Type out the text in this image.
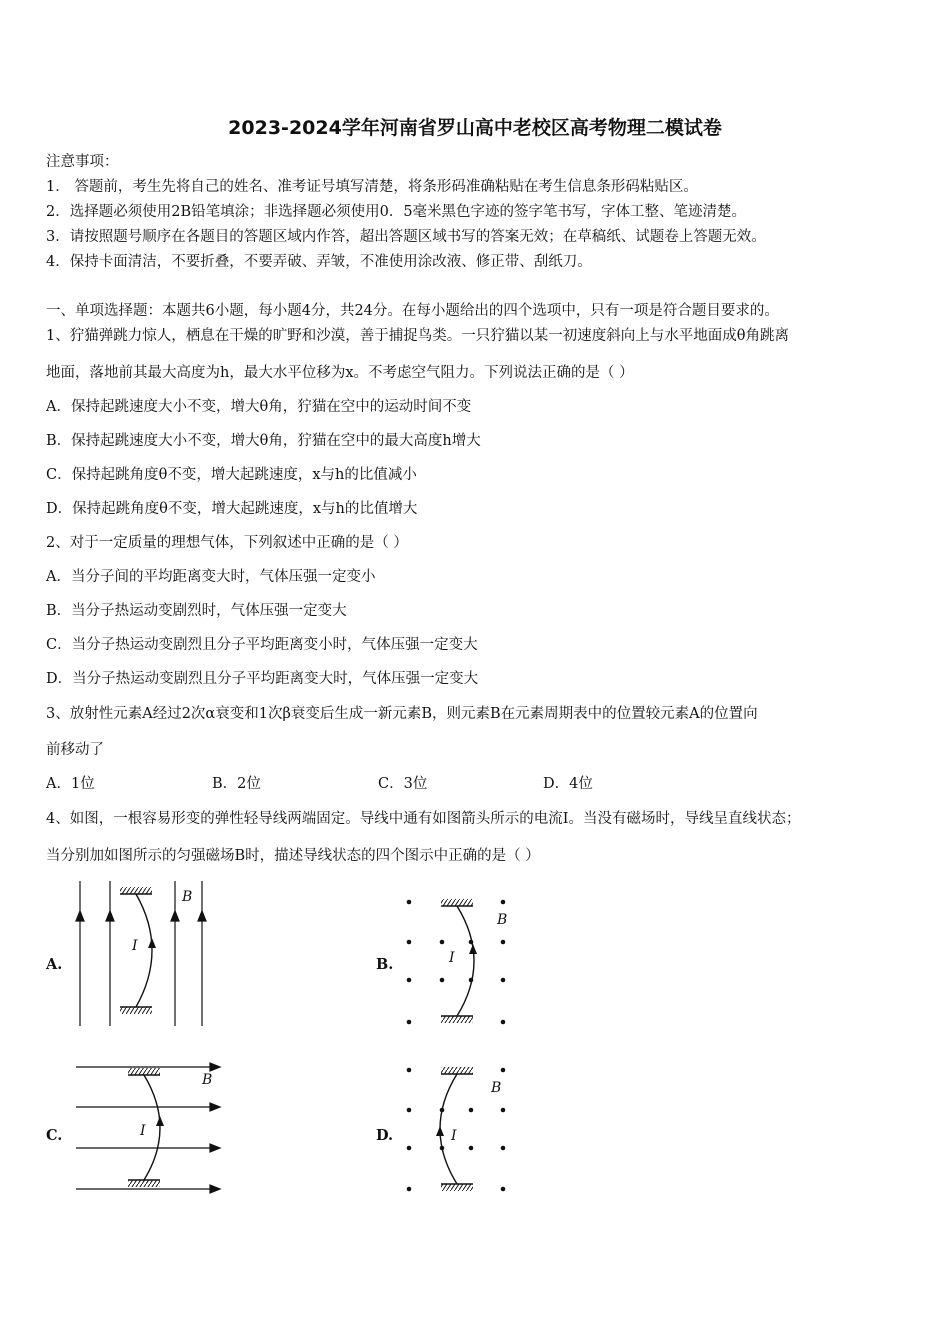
2023-2024学年河南省罗山高中老校区高考物理二模试卷
注意事项：
1． 答题前，考生先将自己的姓名、准考证号填写清楚，将条形码准确粘贴在考生信息条形码粘贴区。
2．选择题必须使用2B铅笔填涂；非选择题必须使用0．5毫米黑色字迹的签字笔书写，字体工整、笔迹清楚。
3．请按照题号顺序在各题目的答题区域内作答，超出答题区域书写的答案无效；在草稿纸、试题卷上答题无效。
4．保持卡面清洁，不要折叠，不要弄破、弄皱，不准使用涂改液、修正带、刮纸刀。
一、单项选择题：本题共6小题，每小题4分，共24分。在每小题给出的四个选项中，只有一项是符合题目要求的。
1、狞猫弹跳力惊人，栖息在干燥的旷野和沙漠，善于捕捉鸟类。一只狞猫以某一初速度斜向上与水平地面成θ角跳离
地面，落地前其最大高度为h，最大水平位移为x。不考虑空气阻力。下列说法正确的是（ ）
A．保持起跳速度大小不变，增大θ角，狞猫在空中的运动时间不变
B．保持起跳速度大小不变，增大θ角，狞猫在空中的最大高度h增大
C．保持起跳角度θ不变，增大起跳速度，x与h的比值减小
D．保持起跳角度θ不变，增大起跳速度，x与h的比值增大
2、对于一定质量的理想气体，下列叙述中正确的是（ ）
A．当分子间的平均距离变大时，气体压强一定变小
B．当分子热运动变剧烈时，气体压强一定变大
C．当分子热运动变剧烈且分子平均距离变小时，气体压强一定变大
D．当分子热运动变剧烈且分子平均距离变大时，气体压强一定变大
3、放射性元素A经过2次α衰变和1次β衰变后生成一新元素B，则元素B在元素周期表中的位置较元素A的位置向
前移动了
A．1位	B．2位	C．3位	D．4位
4、如图，一根容易形变的弹性轻导线两端固定。导线中通有如图箭头所示的电流I。当没有磁场时，导线呈直线状态；
当分别加如图所示的匀强磁场B时，描述导线状态的四个图示中正确的是（ ）
A.	B.
C.	D.
I
B
I
B
I
B
I
B
